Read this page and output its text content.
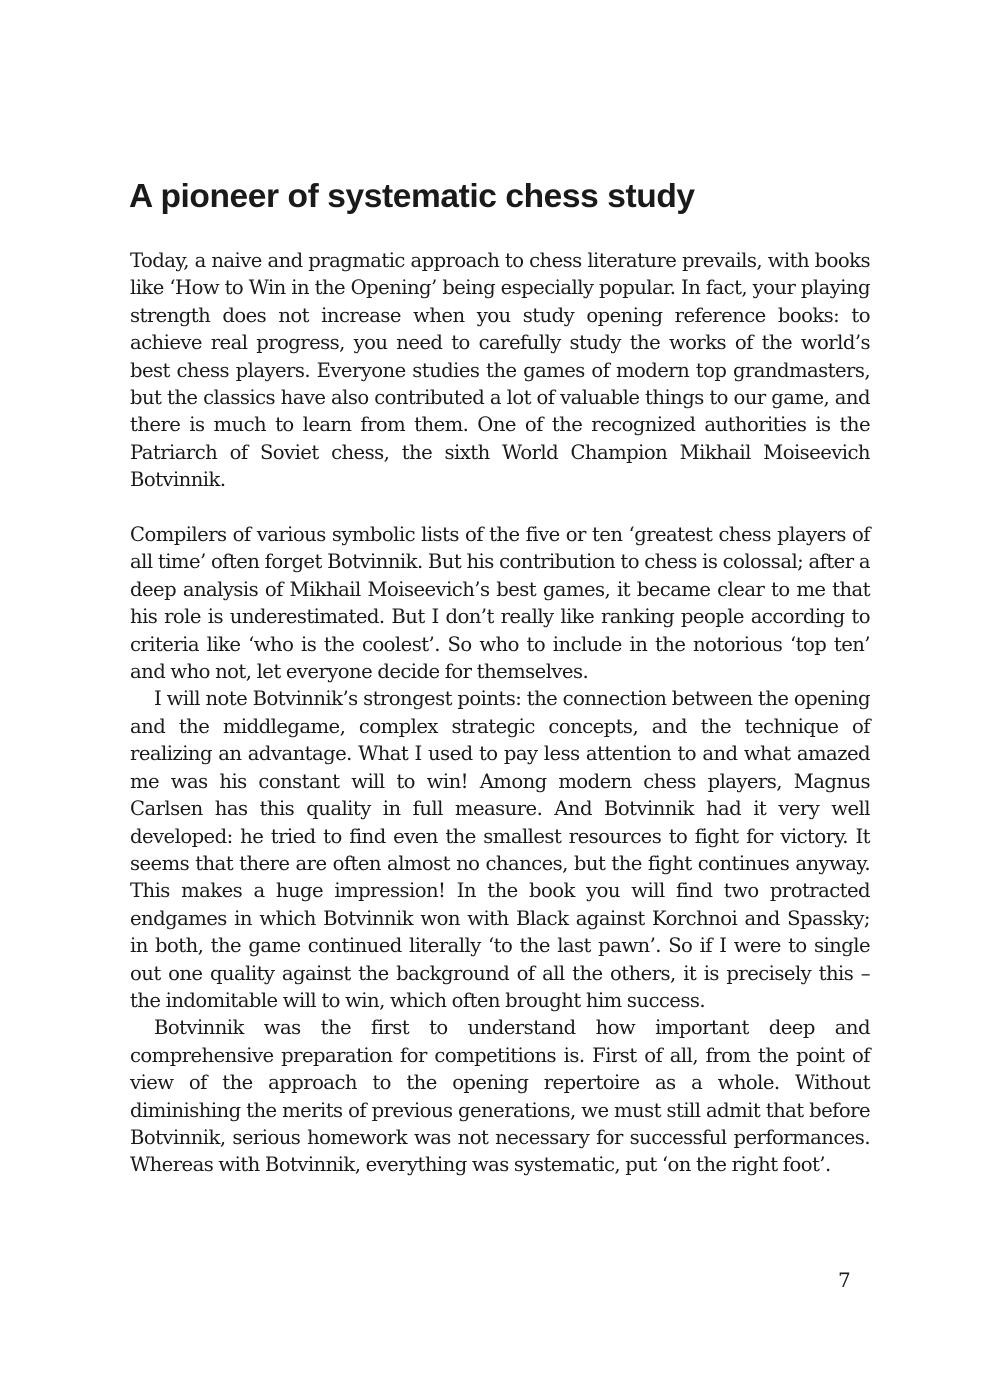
A pioneer of systematic chess study

Today, a naive and pragmatic approach to chess literature prevails, with books like ‘How to Win in the Opening’ being especially popular. In fact, your playing strength does not increase when you study opening reference books: to achieve real progress, you need to carefully study the works of the world’s best chess players. Everyone studies the games of modern top grandmasters, but the classics have also contributed a lot of valuable things to our game, and there is much to learn from them. One of the recognized authorities is the Patriarch of Soviet chess, the sixth World Champion Mikhail Moiseevich Botvinnik.

Compilers of various symbolic lists of the five or ten ‘greatest chess players of all time’ often forget Botvinnik. But his contribution to chess is colossal; after a deep analysis of Mikhail Moiseevich’s best games, it became clear to me that his role is underestimated. But I don’t really like ranking people according to criteria like ‘who is the coolest’. So who to include in the notorious ‘top ten’ and who not, let everyone decide for themselves.

I will note Botvinnik’s strongest points: the connection between the opening and the middlegame, complex strategic concepts, and the technique of realizing an advantage. What I used to pay less attention to and what amazed me was his constant will to win! Among modern chess players, Magnus Carlsen has this quality in full measure. And Botvinnik had it very well developed: he tried to find even the smallest resources to fight for victory. It seems that there are often almost no chances, but the fight continues anyway. This makes a huge impression! In the book you will find two protracted endgames in which Botvinnik won with Black against Korchnoi and Spassky; in both, the game continued literally ‘to the last pawn’. So if I were to single out one quality against the background of all the others, it is precisely this – the indomitable will to win, which often brought him success.

Botvinnik was the first to understand how important deep and comprehensive preparation for competitions is. First of all, from the point of view of the approach to the opening repertoire as a whole. Without diminishing the merits of previous generations, we must still admit that before Botvinnik, serious homework was not necessary for successful performances. Whereas with Botvinnik, everything was systematic, put ‘on the right foot’.

7
